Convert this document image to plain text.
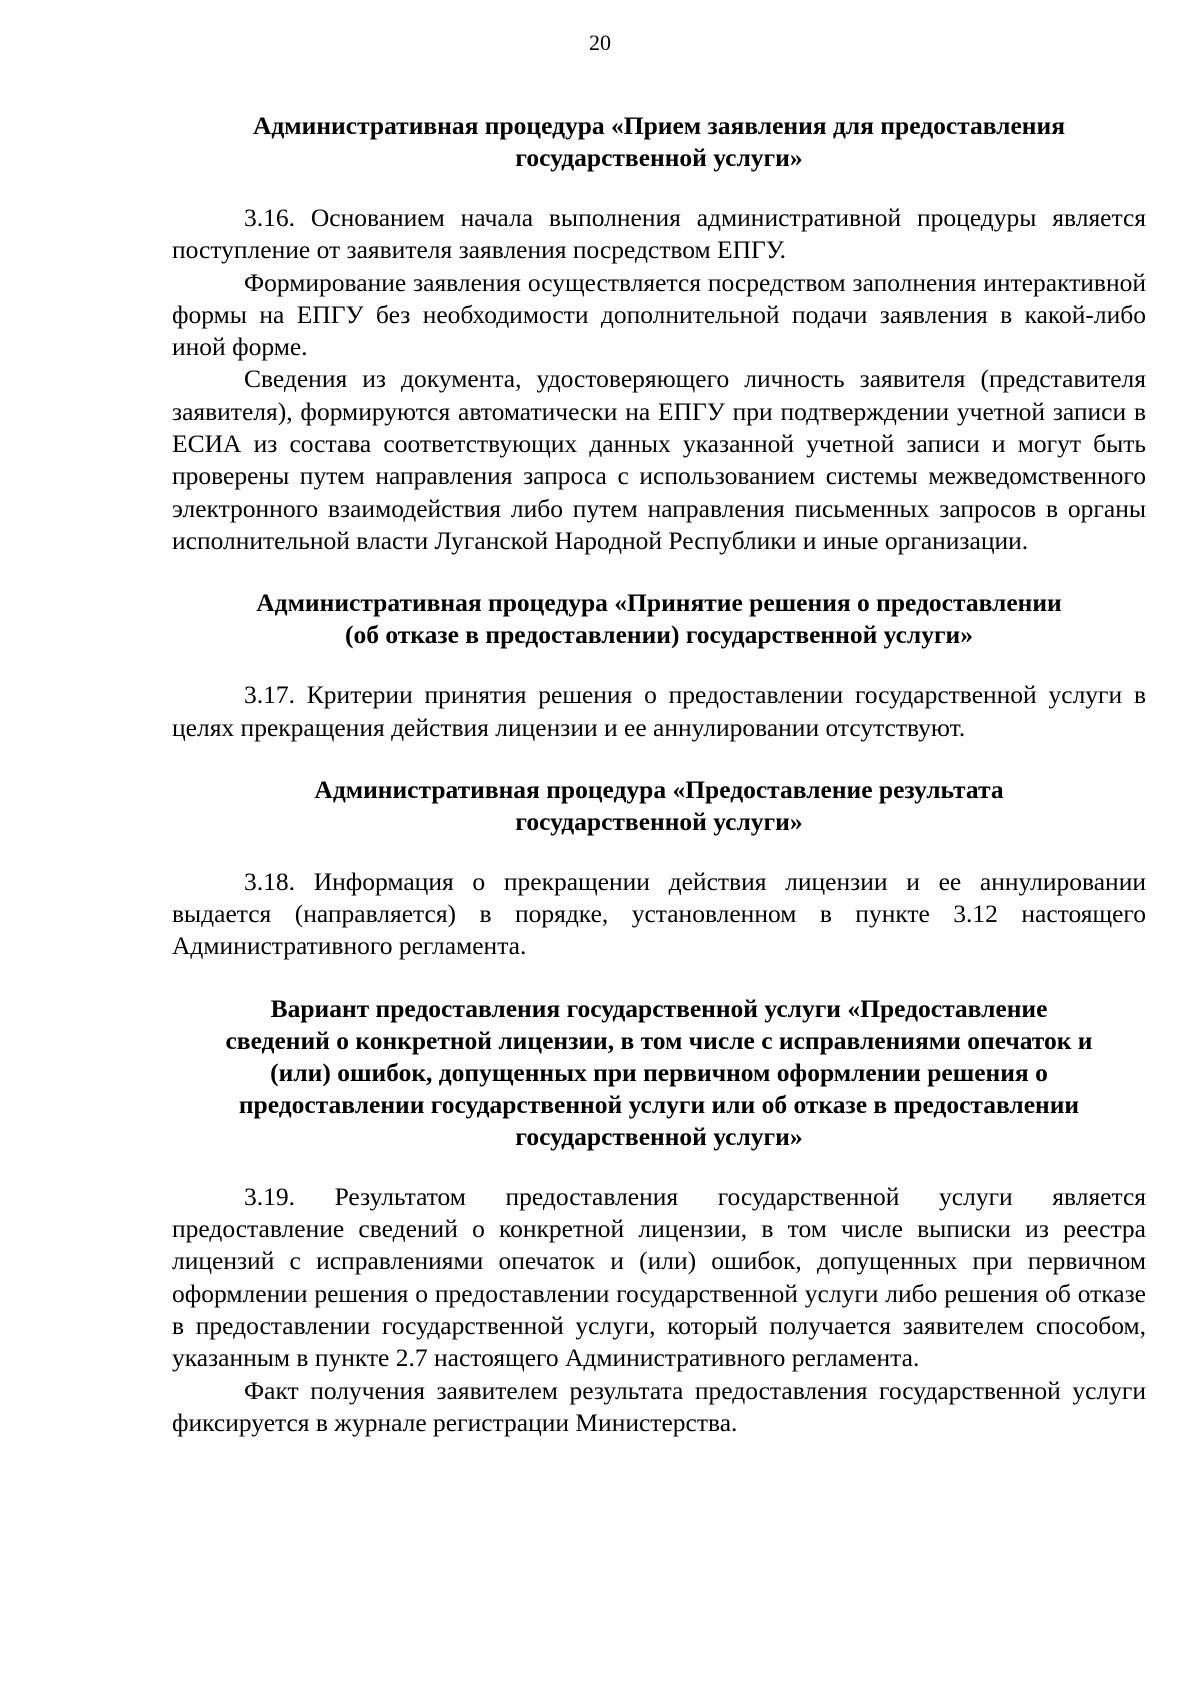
20
Административная процедура «Прием заявления для предоставления
государственной услуги»

3.16. Основанием начала выполнения административной процедуры является поступление от заявителя заявления посредством ЕПГУ.

Формирование заявления осуществляется посредством заполнения интерактивной формы на ЕПГУ без необходимости дополнительной подачи заявления в какой-либо иной форме.

Сведения из документа, удостоверяющего личность заявителя (представителя заявителя), формируются автоматически на ЕПГУ при подтверждении учетной записи в ЕСИА из состава соответствующих данных указанной учетной записи и могут быть проверены путем направления запроса с использованием системы межведомственного электронного взаимодействия либо путем направления письменных запросов в органы исполнительной власти Луганской Народной Республики и иные организации.

Административная процедура «Принятие решения о предоставлении
(об отказе в предоставлении) государственной услуги»

3.17. Критерии принятия решения о предоставлении государственной услуги в целях прекращения действия лицензии и ее аннулировании отсутствуют.

Административная процедура «Предоставление результата
государственной услуги»

3.18. Информация о прекращении действия лицензии и ее аннулировании выдается (направляется) в порядке, установленном в пункте 3.12 настоящего Административного регламента.

Вариант предоставления государственной услуги «Предоставление
сведений о конкретной лицензии, в том числе с исправлениями опечаток и
(или) ошибок, допущенных при первичном оформлении решения о
предоставлении государственной услуги или об отказе в предоставлении
государственной услуги»

3.19. Результатом предоставления государственной услуги является предоставление сведений о конкретной лицензии, в том числе выписки из реестра лицензий с исправлениями опечаток и (или) ошибок, допущенных при первичном оформлении решения о предоставлении государственной услуги либо решения об отказе в предоставлении государственной услуги, который получается заявителем способом, указанным в пункте 2.7 настоящего Административного регламента.

Факт получения заявителем результата предоставления государственной услуги фиксируется в журнале регистрации Министерства.
